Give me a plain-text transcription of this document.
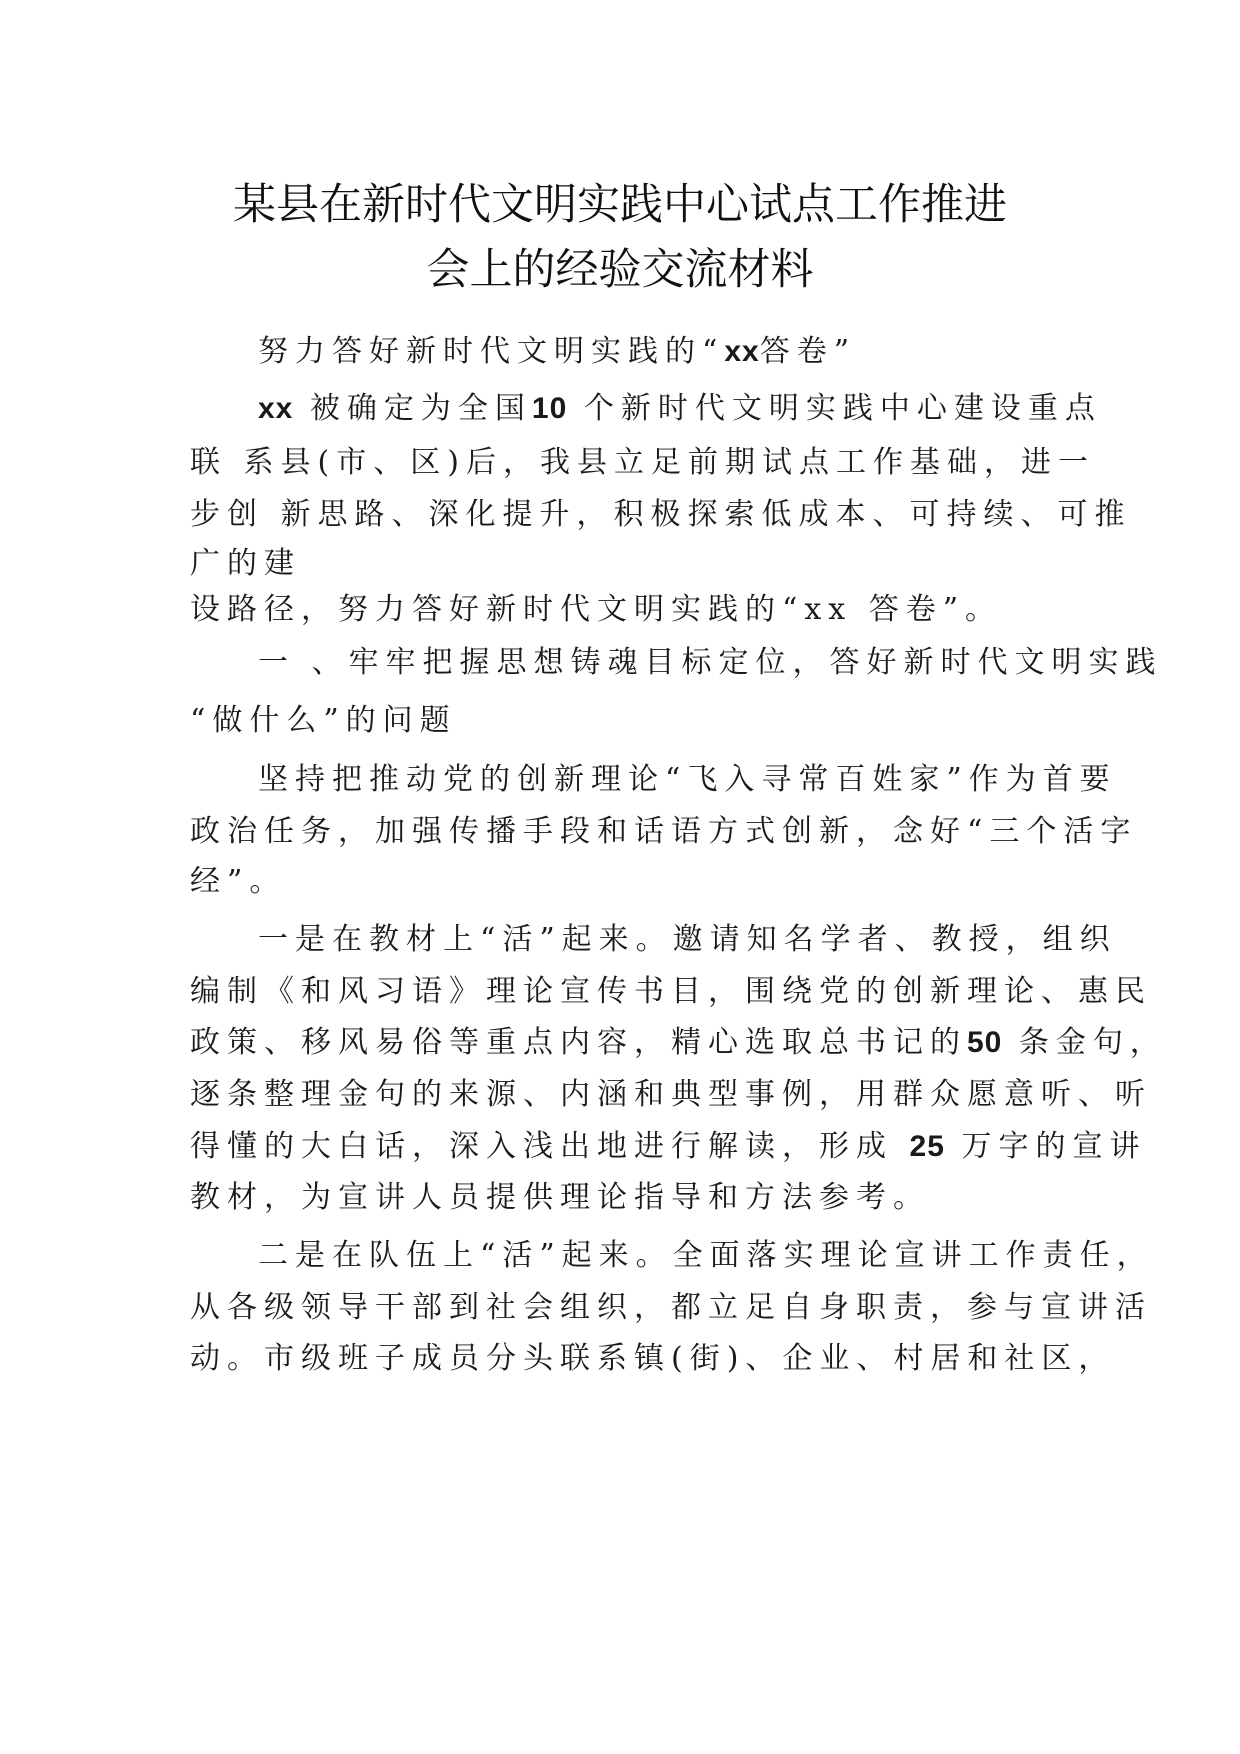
某县在新时代文明实践中心试点工作推进
会上的经验交流材料

努力答好新时代文明实践的“xx答卷”

xx 被确定为全国10 个新时代文明实践中心建设重点

联 系县(市、区)后，我县立足前期试点工作基础，进一

步创 新思路、深化提升，积极探索低成本、可持续、可推

广的建

设路径，努力答好新时代文明实践的“xx 答卷”。

一 、牢牢把握思想铸魂目标定位，答好新时代文明实践

“做什么”的问题

坚持把推动党的创新理论“飞入寻常百姓家”作为首要

政治任务，加强传播手段和话语方式创新，念好“三个活字

经”。

一是在教材上“活”起来。邀请知名学者、教授，组织

编制《和风习语》理论宣传书目，围绕党的创新理论、惠民

政策、移风易俗等重点内容，精心选取总书记的50 条金句，

逐条整理金句的来源、内涵和典型事例，用群众愿意听、听

得懂的大白话，深入浅出地进行解读，形成 25 万字的宣讲

教材，为宣讲人员提供理论指导和方法参考。

二是在队伍上“活”起来。全面落实理论宣讲工作责任，

从各级领导干部到社会组织，都立足自身职责，参与宣讲活

动。市级班子成员分头联系镇(街)、企业、村居和社区，
